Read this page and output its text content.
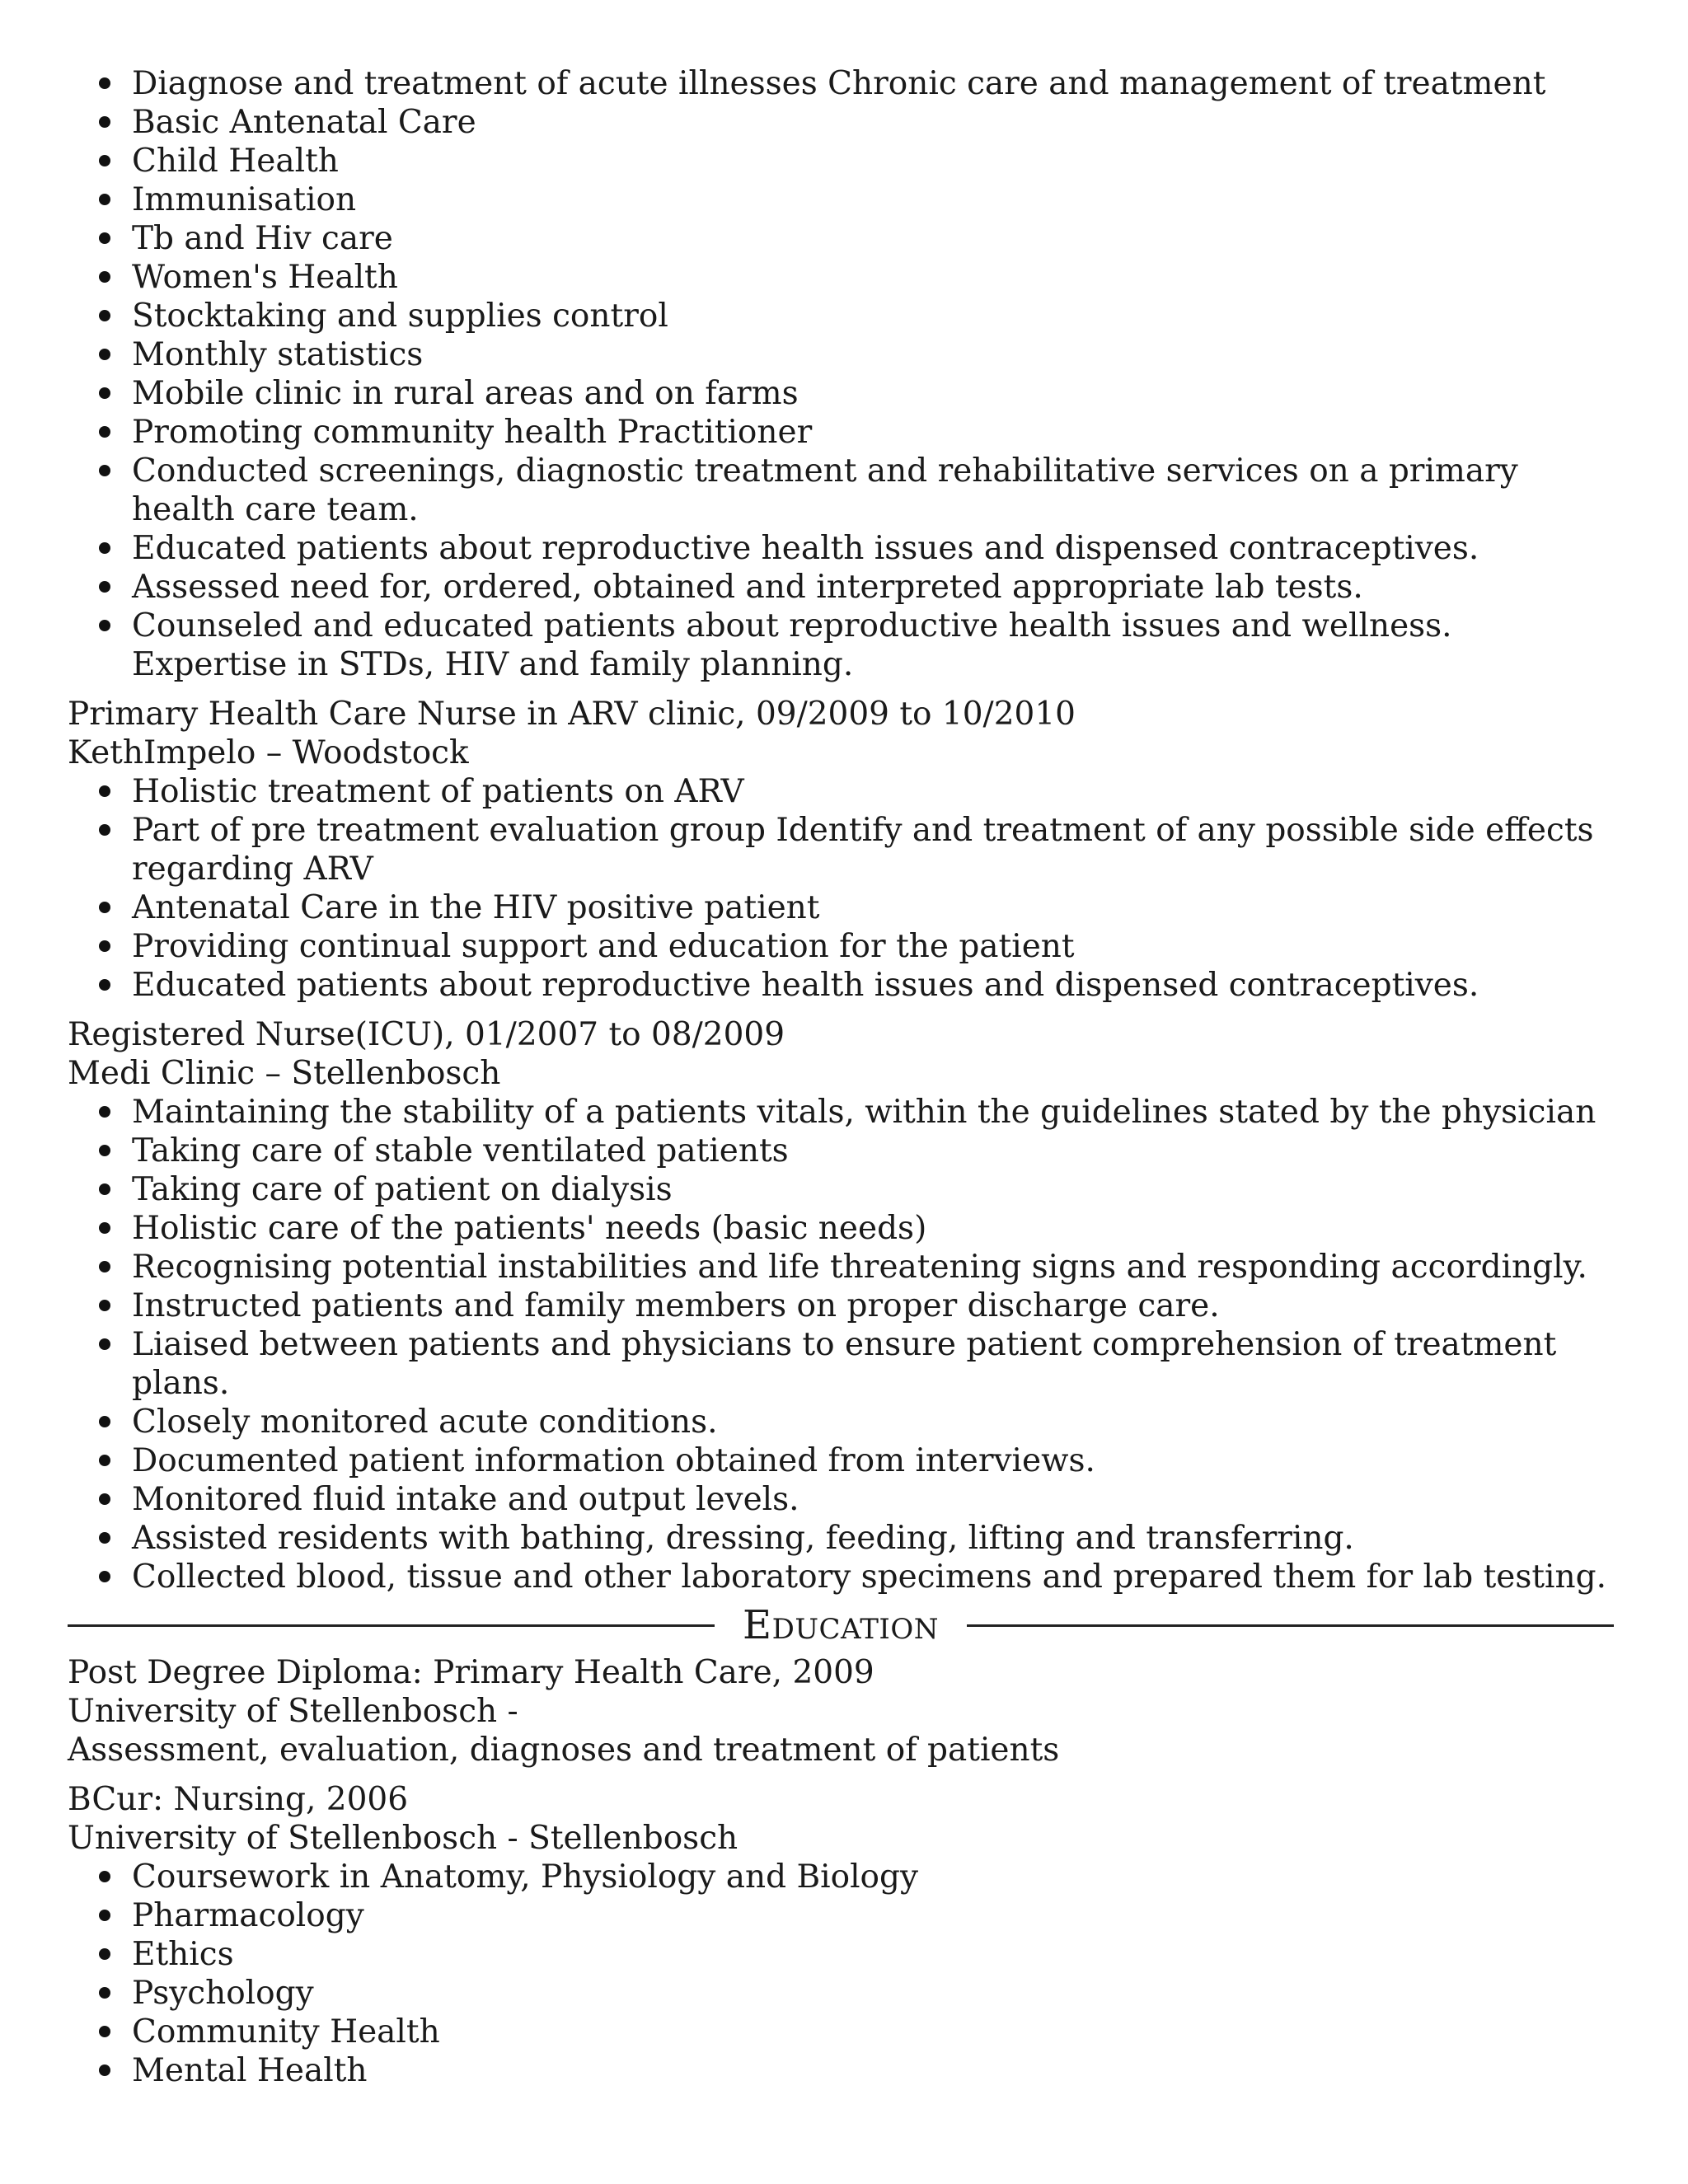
Diagnose and treatment of acute illnesses Chronic care and management of treatment
Basic Antenatal Care
Child Health
Immunisation
Tb and Hiv care
Women's Health
Stocktaking and supplies control
Monthly statistics
Mobile clinic in rural areas and on farms
Promoting community health Practitioner
Conducted screenings, diagnostic treatment and rehabilitative services on a primary health care team.
Educated patients about reproductive health issues and dispensed contraceptives.
Assessed need for, ordered, obtained and interpreted appropriate lab tests.
Counseled and educated patients about reproductive health issues and wellness. Expertise in STDs, HIV and family planning.
Primary Health Care Nurse in ARV clinic, 09/2009 to 10/2010
KethImpelo – Woodstock
Holistic treatment of patients on ARV
Part of pre treatment evaluation group Identify and treatment of any possible side effects regarding ARV
Antenatal Care in the HIV positive patient
Providing continual support and education for the patient
Educated patients about reproductive health issues and dispensed contraceptives.
Registered Nurse(ICU), 01/2007 to 08/2009
Medi Clinic – Stellenbosch
Maintaining the stability of a patients vitals, within the guidelines stated by the physician
Taking care of stable ventilated patients
Taking care of patient on dialysis
Holistic care of the patients' needs (basic needs)
Recognising potential instabilities and life threatening signs and responding accordingly.
Instructed patients and family members on proper discharge care.
Liaised between patients and physicians to ensure patient comprehension of treatment plans.
Closely monitored acute conditions.
Documented patient information obtained from interviews.
Monitored fluid intake and output levels.
Assisted residents with bathing, dressing, feeding, lifting and transferring.
Collected blood, tissue and other laboratory specimens and prepared them for lab testing.
Education
Post Degree Diploma: Primary Health Care, 2009
University of Stellenbosch -
Assessment, evaluation, diagnoses and treatment of patients
BCur: Nursing, 2006
University of Stellenbosch - Stellenbosch
Coursework in Anatomy, Physiology and Biology
Pharmacology
Ethics
Psychology
Community Health
Mental Health
